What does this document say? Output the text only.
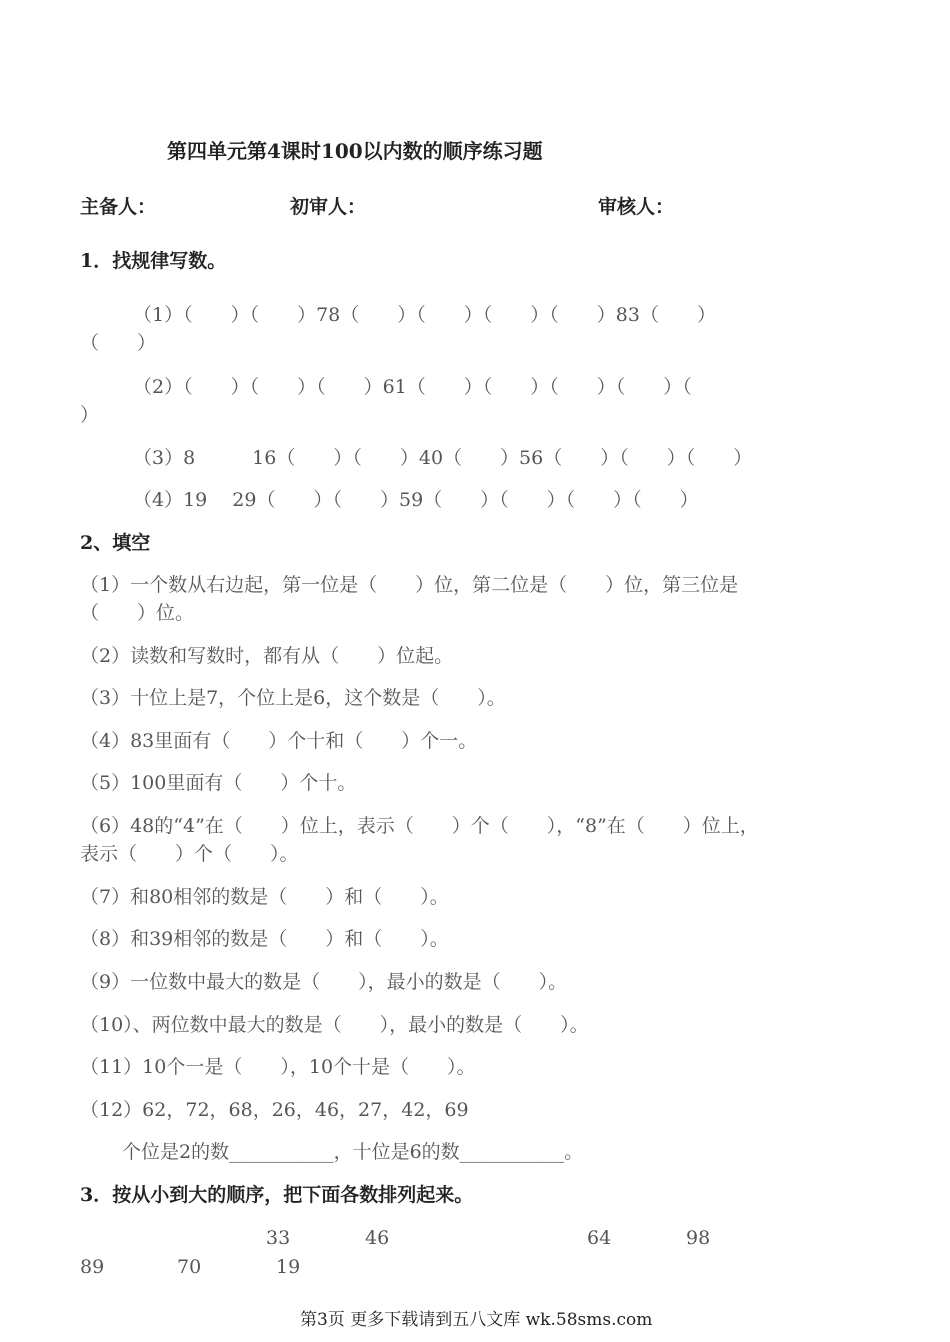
第四单元第4课时100以内数的顺序练习题
主备人：	初审人：	审核人：
1．找规律写数。
（1）（　　）（　　）78（　　）（　　）（　　）（　　）83（　　）
（　　）
（2）（　　）（　　）（　　）61（　　）（　　）（　　）（　　）（
）
（3）8　　　16（　　）（　　）40（　　）56（　　）（　　）（　　）
（4）19　 29（　　）（　　）59（　　）（　　）（　　）（　　）
2、填空
（1）一个数从右边起，第一位是（　　）位，第二位是（　　）位，第三位是
（　　）位。
（2）读数和写数时，都有从（　　）位起。
（3）十位上是7，个位上是6，这个数是（　　）。
（4）83里面有（　　）个十和（　　）个一。
（5）100里面有（　　）个十。
（6）48的“4”在（　　）位上，表示（　　）个（　　），“8”在（　　）位上，
表示（　　）个（　　）。
（7）和80相邻的数是（　　）和（　　）。
（8）和39相邻的数是（　　）和（　　）。
（9）一位数中最大的数是（　　），最小的数是（　　）。
（10）、两位数中最大的数是（　　），最小的数是（　　）。
（11）10个一是（　　），10个十是（　　）。
（12）62，72，68，26，46，27，42，69
个位是2的数___________，十位是6的数___________。
3．按从小到大的顺序，把下面各数排列起来。
33	46	64	98
89	70	19
第3页 更多下载请到五八文库 wk.58sms.com
